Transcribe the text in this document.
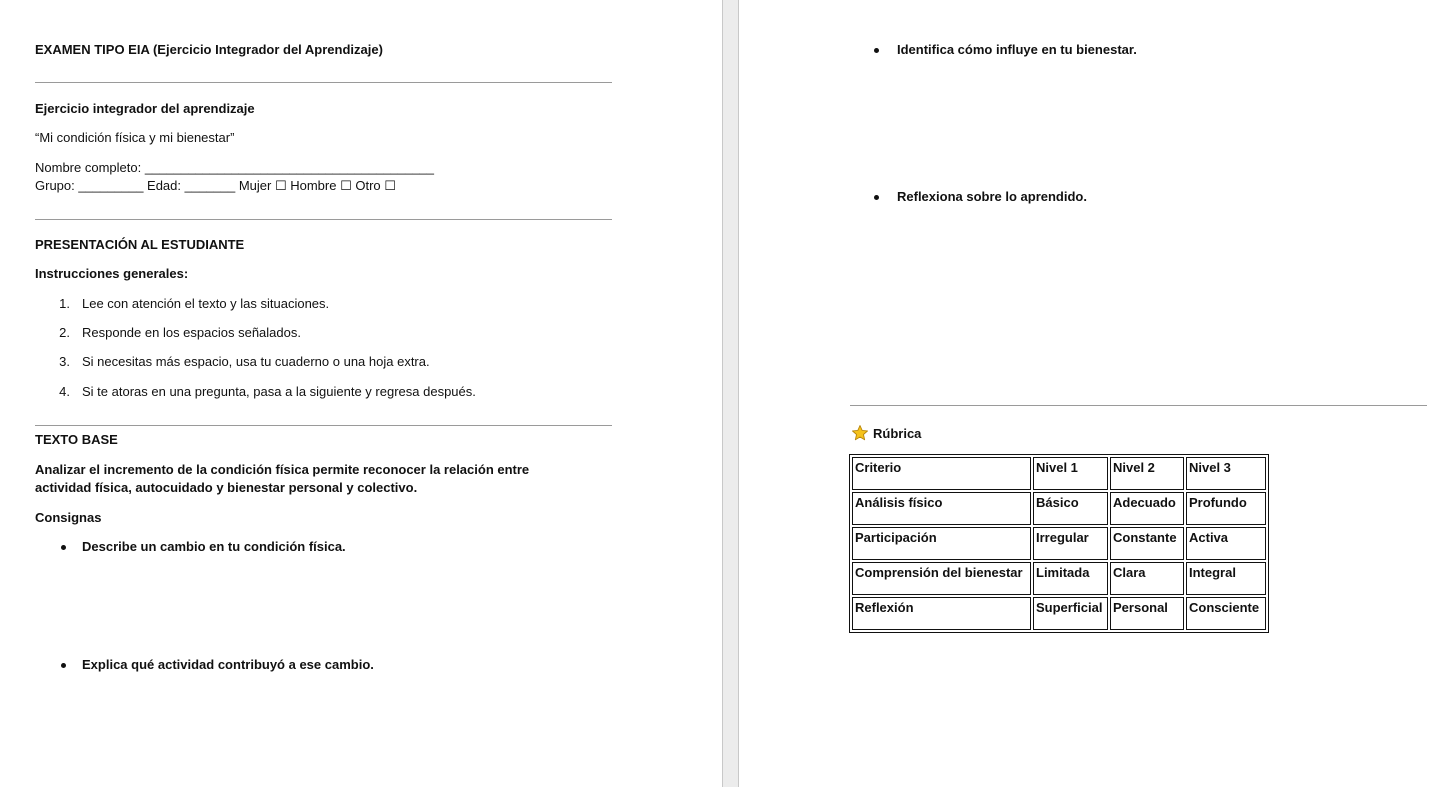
EXAMEN TIPO EIA (Ejercicio Integrador del Aprendizaje)
Ejercicio integrador del aprendizaje
“Mi condición física y mi bienestar”
Nombre completo: ________________________________________
Grupo: _________ Edad: _______ Mujer ☐ Hombre ☐ Otro ☐
PRESENTACIÓN AL ESTUDIANTE
Instrucciones generales:
1. Lee con atención el texto y las situaciones.
2. Responde en los espacios señalados.
3. Si necesitas más espacio, usa tu cuaderno o una hoja extra.
4. Si te atoras en una pregunta, pasa a la siguiente y regresa después.
TEXTO BASE
Analizar el incremento de la condición física permite reconocer la relación entre
actividad física, autocuidado y bienestar personal y colectivo.
Consignas
Describe un cambio en tu condición física.
Explica qué actividad contribuyó a ese cambio.
Identifica cómo influye en tu bienestar.
Reflexiona sobre lo aprendido.
Rúbrica
Criterio	Nivel 1	Nivel 2	Nivel 3
Análisis físico	Básico	Adecuado	Profundo
Participación	Irregular	Constante	Activa
Comprensión del bienestar	Limitada	Clara	Integral
Reflexión	Superficial	Personal	Consciente
